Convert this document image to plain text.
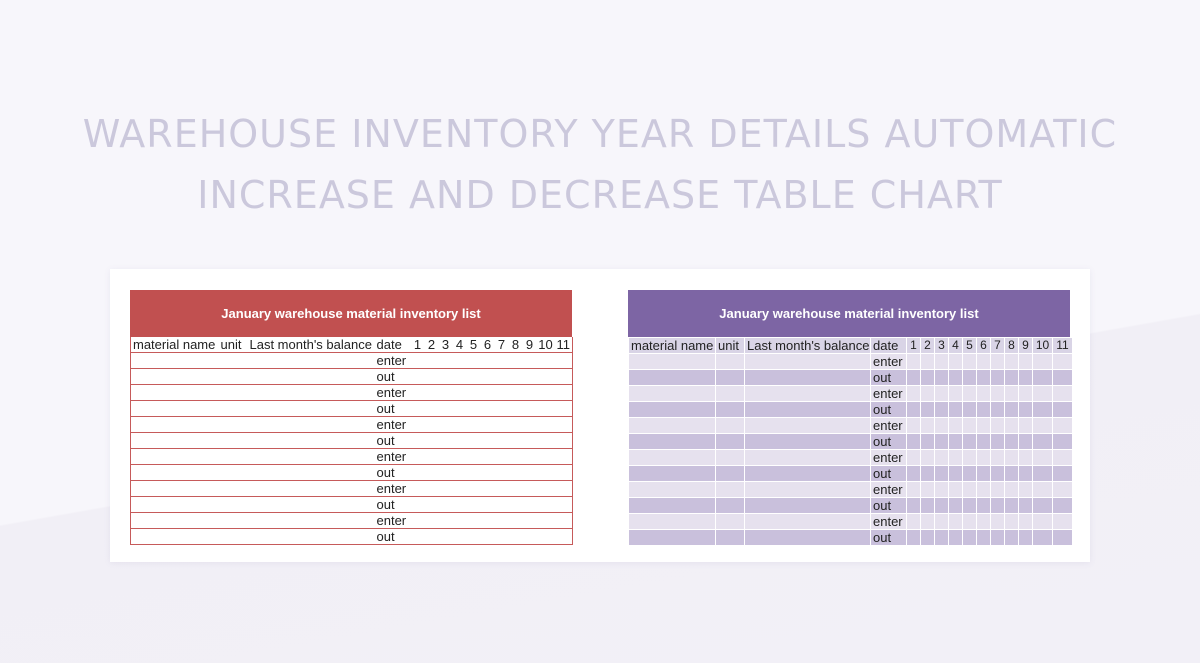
WAREHOUSE INVENTORY YEAR DETAILS AUTOMATIC
INCREASE AND DECREASE TABLE CHART
January warehouse material inventory list
material name	unit	Last month's balance	date	1	2	3	4	5	6	7	8	9	10	11
			enter											
			out											
			enter											
			out											
			enter											
			out											
			enter											
			out											
			enter											
			out											
			enter											
			out											
January warehouse material inventory list
material name	unit	Last month's balance	date	1	2	3	4	5	6	7	8	9	10	11
			enter											
			out											
			enter											
			out											
			enter											
			out											
			enter											
			out											
			enter											
			out											
			enter											
			out											
